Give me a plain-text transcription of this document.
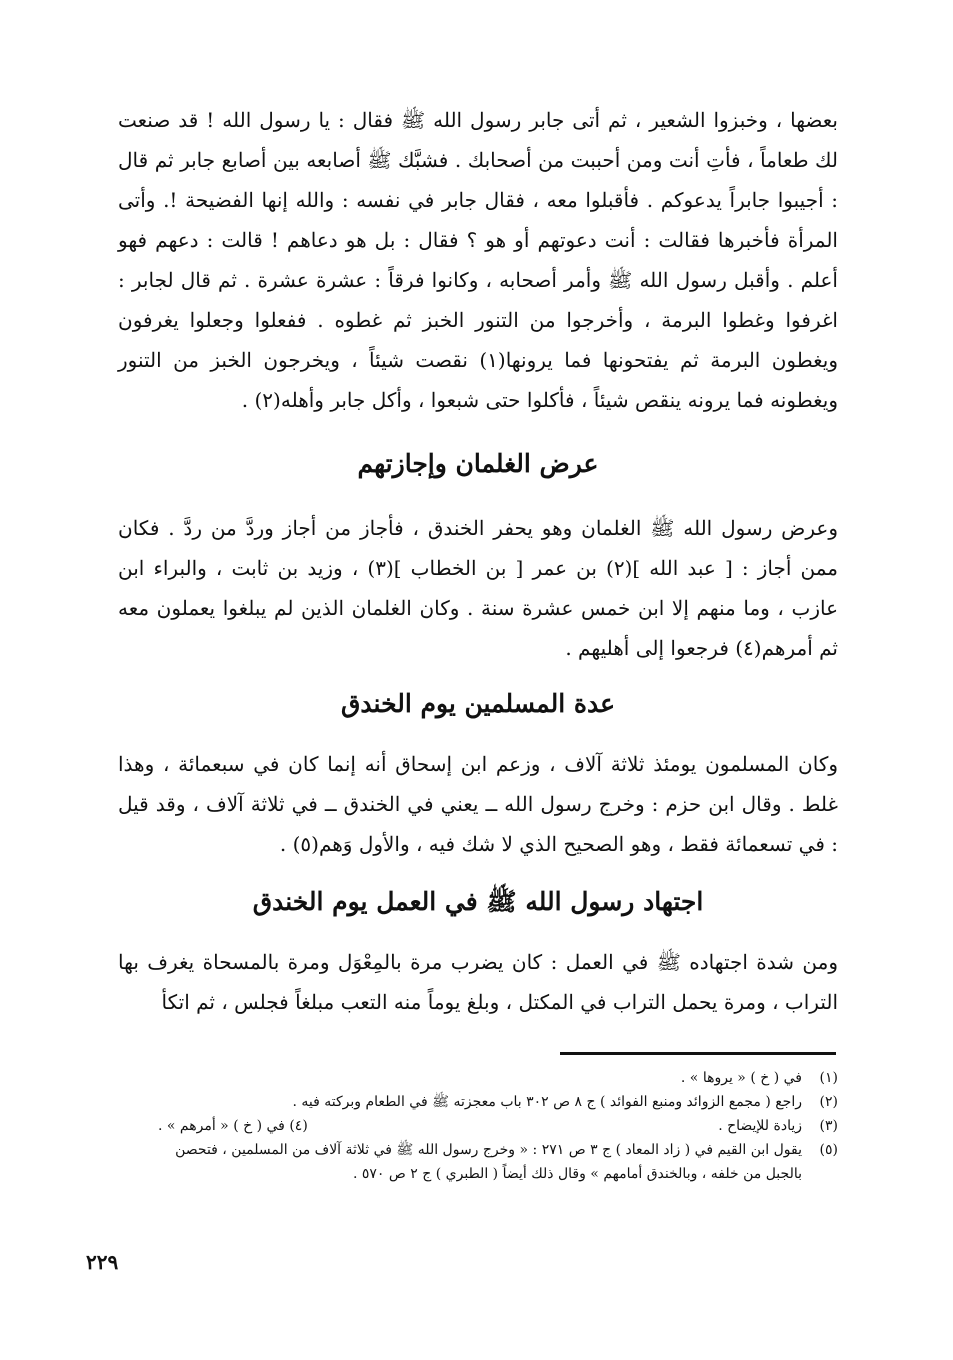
بعضها ، وخبزوا الشعير ، ثم أتى جابر رسول الله ﷺ فقال : يا رسول الله ! قد صنعت لك طعاماً ، فأتِ أنت ومن أحببت من أصحابك . فشبَّك ﷺ أصابعه بين أصابع جابر ثم قال : أجيبوا جابراً يدعوكم . فأقبلوا معه ، فقال جابر في نفسه : والله إنها الفضيحة !. وأتى المرأة فأخبرها فقالت : أنت دعوتهم أو هو ؟ فقال : بل هو دعاهم ! قالت : دعهم فهو أعلم . وأقبل رسول الله ﷺ وأمر أصحابه ، وكانوا فرقاً : عشرة عشرة . ثم قال لجابر : اغرفوا وغطوا البرمة ، وأخرجوا من التنور الخبز ثم غطوه . ففعلوا وجعلوا يغرفون ويغطون البرمة ثم يفتحونها فما يرونها(١) نقصت شيئاً ، ويخرجون الخبز من التنور ويغطونه فما يرونه ينقص شيئاً ، فأكلوا حتى شبعوا ، وأكل جابر وأهله(٢) .

عرض الغلمان وإجازتهم

وعرض رسول الله ﷺ الغلمان وهو يحفر الخندق ، فأجاز من أجاز وردَّ من ردَّ . فكان ممن أجاز : [ عبد الله ](٢) بن عمر [ بن الخطاب ](٣) ، وزيد بن ثابت ، والبراء ابن عازب ، وما منهم إلا ابن خمس عشرة سنة . وكان الغلمان الذين لم يبلغوا يعملون معه ثم أمرهم(٤) فرجعوا إلى أهليهم .

عدة المسلمين يوم الخندق

وكان المسلمون يومئذ ثلاثة آلاف ، وزعم ابن إسحاق أنه إنما كان في سبعمائة ، وهذا غلط . وقال ابن حزم : وخرج رسول الله ــ يعني في الخندق ــ في ثلاثة آلاف ، وقد قيل : في تسعمائة فقط ، وهو الصحيح الذي لا شك فيه ، والأول وَهم(٥) .

اجتهاد رسول الله ﷺ في العمل يوم الخندق

ومن شدة اجتهاده ﷺ في العمل : كان يضرب مرة بالمِعْوَل ومرة بالمسحاة يغرف بها التراب ، ومرة يحمل التراب في المكتل ، وبلغ يوماً منه التعب مبلغاً فجلس ، ثم اتكأ

(١)
في ( خ ) « يروها » .
(٢)
راجع ( مجمع الزوائد ومنبع الفوائد ) ج ٨ ص ٣٠٢ باب معجزته ﷺ في الطعام وبركته فيه .
(٣)
زيادة للإيضاح .
(٤) في ( خ ) « أمرهم » .
(٥)
يقول ابن القيم في ( زاد المعاد ) ج ٣ ص ٢٧١ : « وخرج رسول الله ﷺ في ثلاثة آلاف من المسلمين ، فتحصن بالجبل من خلفه ، وبالخندق أمامهم » وقال ذلك أيضاً ( الطبري ) ج ٢ ص ٥٧٠ .
٢٢٩
